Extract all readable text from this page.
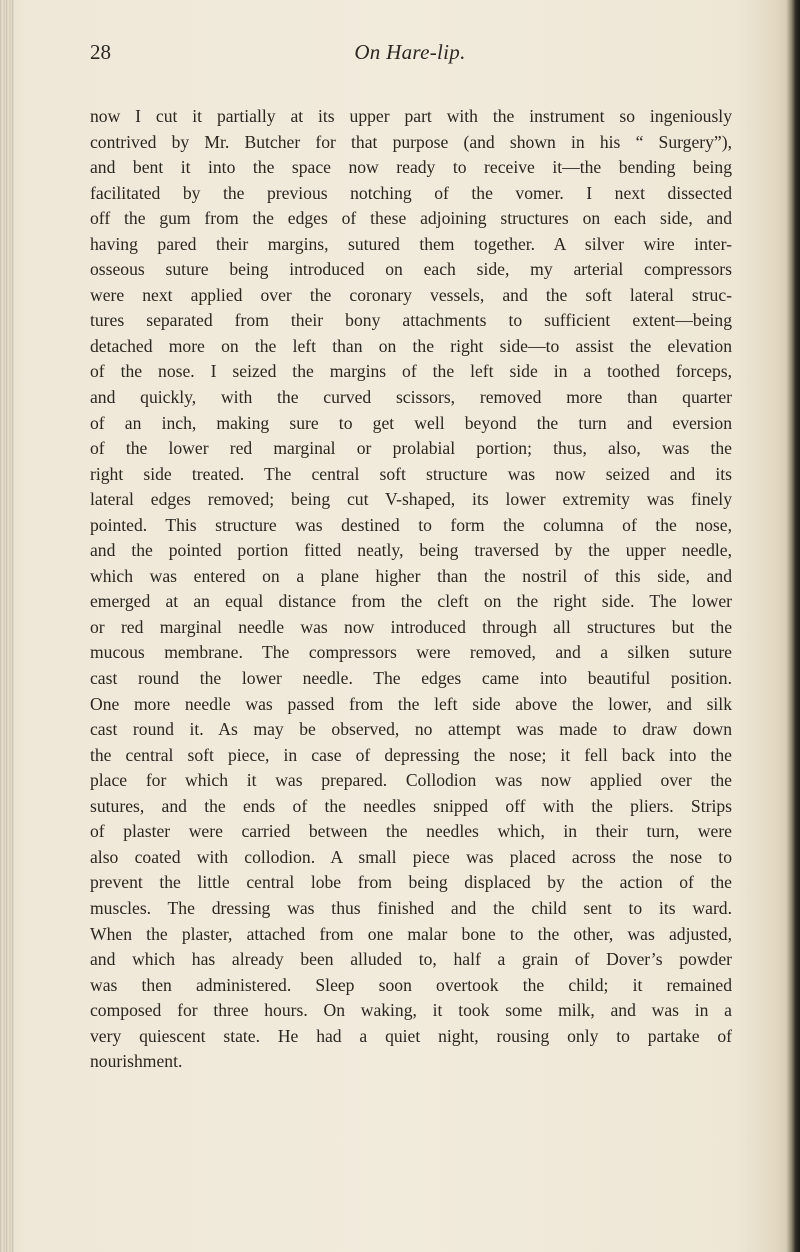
28	On Hare-lip.
now I cut it partially at its upper part with the instrument so ingeniously
contrived by Mr. Butcher for that purpose (and shown in his “ Surgery”),
and bent it into the space now ready to receive it—the bending being
facilitated by the previous notching of the vomer. I next dissected
off the gum from the edges of these adjoining structures on each side, and
having pared their margins, sutured them together. A silver wire inter-
osseous suture being introduced on each side, my arterial compressors
were next applied over the coronary vessels, and the soft lateral struc-
tures separated from their bony attachments to sufficient extent—being
detached more on the left than on the right side—to assist the elevation
of the nose. I seized the margins of the left side in a toothed forceps,
and quickly, with the curved scissors, removed more than quarter
of an inch, making sure to get well beyond the turn and eversion
of the lower red marginal or prolabial portion; thus, also, was the
right side treated. The central soft structure was now seized and its
lateral edges removed; being cut V-shaped, its lower extremity was finely
pointed. This structure was destined to form the columna of the nose,
and the pointed portion fitted neatly, being traversed by the upper needle,
which was entered on a plane higher than the nostril of this side, and
emerged at an equal distance from the cleft on the right side. The lower
or red marginal needle was now introduced through all structures but the
mucous membrane. The compressors were removed, and a silken suture
cast round the lower needle. The edges came into beautiful position.
One more needle was passed from the left side above the lower, and silk
cast round it. As may be observed, no attempt was made to draw down
the central soft piece, in case of depressing the nose; it fell back into the
place for which it was prepared. Collodion was now applied over the
sutures, and the ends of the needles snipped off with the pliers. Strips
of plaster were carried between the needles which, in their turn, were
also coated with collodion. A small piece was placed across the nose to
prevent the little central lobe from being displaced by the action of the
muscles. The dressing was thus finished and the child sent to its ward.
When the plaster, attached from one malar bone to the other, was adjusted,
and which has already been alluded to, half a grain of Dover’s powder
was then administered. Sleep soon overtook the child; it remained
composed for three hours. On waking, it took some milk, and was in a
very quiescent state. He had a quiet night, rousing only to partake of
nourishment.
